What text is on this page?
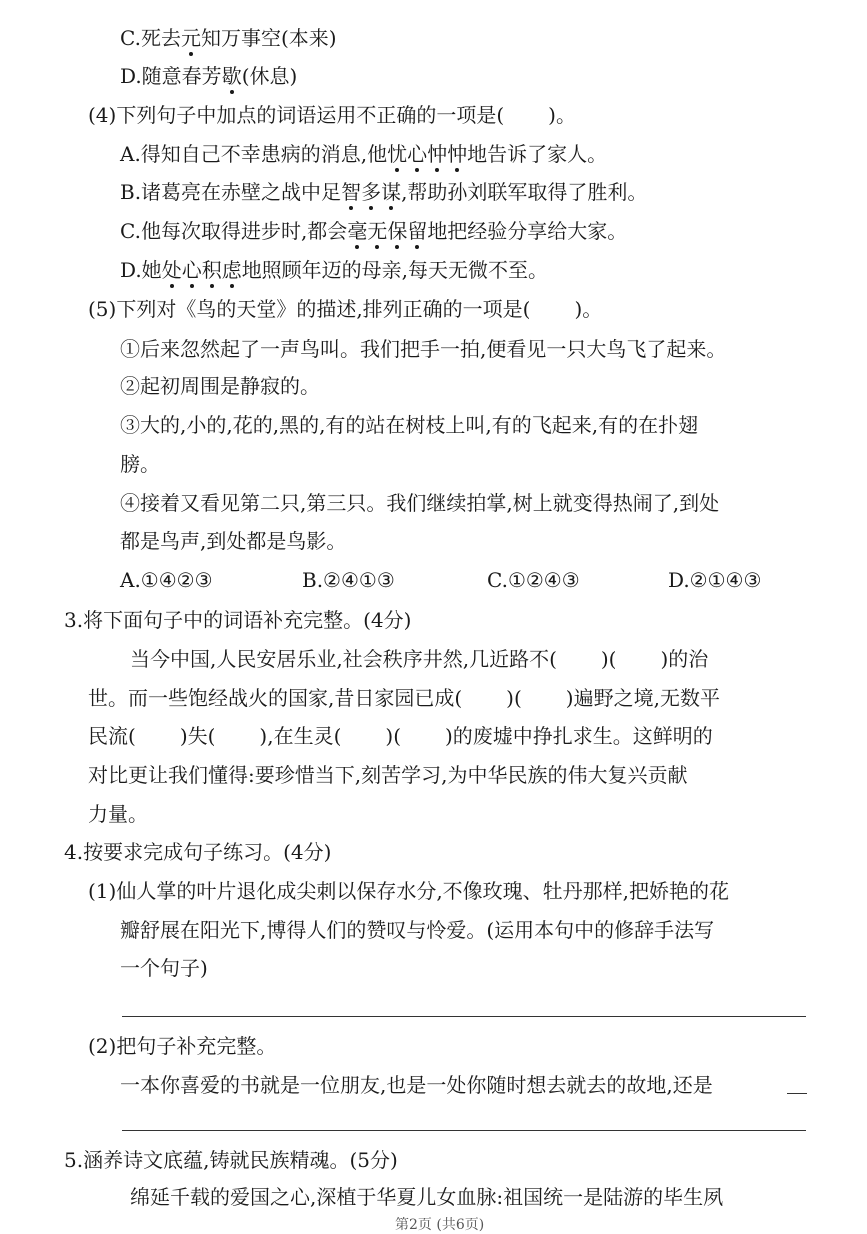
C.死去元知万事空(本来)
D.随意春芳歇(休息)
(4)下列句子中加点的词语运用不正确的一项是( )。
A.得知自己不幸患病的消息,他忧心忡忡地告诉了家人。
B.诸葛亮在赤壁之战中足智多谋,帮助孙刘联军取得了胜利。
C.他每次取得进步时,都会毫无保留地把经验分享给大家。
D.她处心积虑地照顾年迈的母亲,每天无微不至。
(5)下列对《鸟的天堂》的描述,排列正确的一项是( )。
①后来忽然起了一声鸟叫。我们把手一拍,便看见一只大鸟飞了起来。
②起初周围是静寂的。
③大的,小的,花的,黑的,有的站在树枝上叫,有的飞起来,有的在扑翅
膀。
④接着又看见第二只,第三只。我们继续拍掌,树上就变得热闹了,到处
都是鸟声,到处都是鸟影。
A.①④②③	B.②④①③	C.①②④③	D.②①④③
3.将下面句子中的词语补充完整。(4分)
当今中国,人民安居乐业,社会秩序井然,几近路不( )( )的治
世。而一些饱经战火的国家,昔日家园已成( )( )遍野之境,无数平
民流( )失( ),在生灵( )( )的废墟中挣扎求生。这鲜明的
对比更让我们懂得:要珍惜当下,刻苦学习,为中华民族的伟大复兴贡献
力量。
4.按要求完成句子练习。(4分)
(1)仙人掌的叶片退化成尖刺以保存水分,不像玫瑰、牡丹那样,把娇艳的花
瓣舒展在阳光下,博得人们的赞叹与怜爱。(运用本句中的修辞手法写
一个句子)
(2)把句子补充完整。
一本你喜爱的书就是一位朋友,也是一处你随时想去就去的故地,还是
5.涵养诗文底蕴,铸就民族精魂。(5分)
绵延千载的爱国之心,深植于华夏儿女血脉:祖国统一是陆游的毕生夙
第2页 (共6页)
